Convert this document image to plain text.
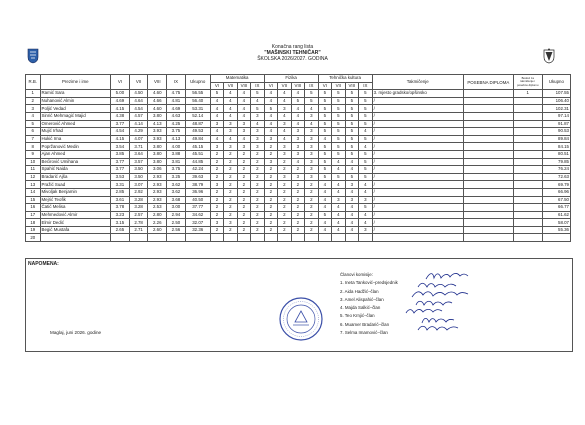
Konačna rang lista
"MAŠINSKI TEHNIČAR"
ŠKOLSKA 2026/2027. GODINA
R.B.	Prezime i ime	VI	VII	VIII	IX	Ukupno	Matematika				Fizika				Tehnička kultura				Takmičenje	POSEBNA DIPLOMA	Bodovi za takmičenje i posebnu diplomu	Ukupno
							VI	VII	VIII	IX	VI	VII	VIII	IX	VI	VII	VIII	IX				
1	Ramić Sara	5.00	4.50	4.60	4.75	56.55	5	4	4	5	4	4	4	5	5	5	5	5	3. mjesto gradsko/opšinsko		1	107.55
2	Nuhanović Almin	4.69	4.64	4.66	4.81	56.40	4	4	4	4	4	4	5	5	5	5	5	5	/			106.40
3	Poljić Vedad	4.15	4.54	4.60	4.69	53.31	4	4	4	5	5	3	4	4	5	5	5	5	/			102.31
4	Sinrić Mehmagić Majid	4.38	4.57	3.80	4.63	52.14	4	4	4	3	4	4	4	3	5	5	5	5	/			97.14
5	Omerović Ahmed	3.77	4.14	4.13	4.25	48.87	3	3	3	4	4	3	4	4	5	5	5	5	/			91.87
6	Mujić Irhad	4.54	4.29	3.93	3.75	49.53	4	3	3	3	4	4	3	3	5	5	5	4	/			90.53
7	Hukić Irna	4.15	4.07	3.93	4.13	49.84	4	4	4	3	3	4	3	3	4	5	5	5	/			89.84
8	Popržanović Medin	3.54	3.71	3.80	4.00	45.15	3	3	3	3	2	3	3	3	5	5	5	4	/			84.15
9	Ajan Ahmed	3.85	3.64	3.80	3.88	45.51	2	2	2	2	2	3	3	3	5	5	5	5	/			80.51
10	Bećirović Umihana	3.77	3.57	3.80	3.81	44.85	2	2	2	2	3	2	4	3	5	4	4	5	/			79.85
11	Spahić Naida	3.77	3.50	3.06	3.75	42.24	2	2	2	2	2	2	2	3	5	4	4	5	/			76.24
12	Bradarić Ajša	3.53	3.50	2.93	3.25	39.63	2	2	2	2	2	3	3	3	5	5	5	5	/			72.63
13	Pražić Suad	3.31	3.07	2.93	3.62	38.79	3	2	2	2	2	2	2	2	4	4	3	4	/			69.79
14	Mivoljak Benjamin	2.85	2.92	2.93	3.62	36.96	2	2	2	2	2	2	2	2	4	4	4	4	/			66.96
15	Mejrić Teofik	3.61	3.28	2.93	3.68	40.50	2	2	2	2	2	2	2	2	4	3	3	3	/			67.50
16	Čatić Melisa	3.78	3.28	2.53	3.00	37.77	2	2	2	2	2	2	2	2	4	4	4	5	/			66.77
17	Mehmedović Almir	3.23	2.57	2.80	2.94	34.62	2	2	2	2	2	2	2	2	5	4	4	4	/			61.62
18	Elmir Dedić	3.15	2.78	2.26	2.50	32.07	3	3	2	2	2	2	2	2	4	4	4	4	/			58.07
19	Begić Mustafa	2.65	2.71	2.60	2.56	32.36	2	2	2	2	2	2	2	2	4	4	4	3	/			55.36
20																						
NAPOMENA:
Maglaj, juni 2026. godine
Članovi komisije:
1. Ineta Tanković–predsjednik
2. Aida Hadžić–član
3. Amel Alispahić–član
4. Majda Salkić–član
5. Teo Krnjić–član
6. Muamer Bradarić–član
7. Selma Imamović–član
